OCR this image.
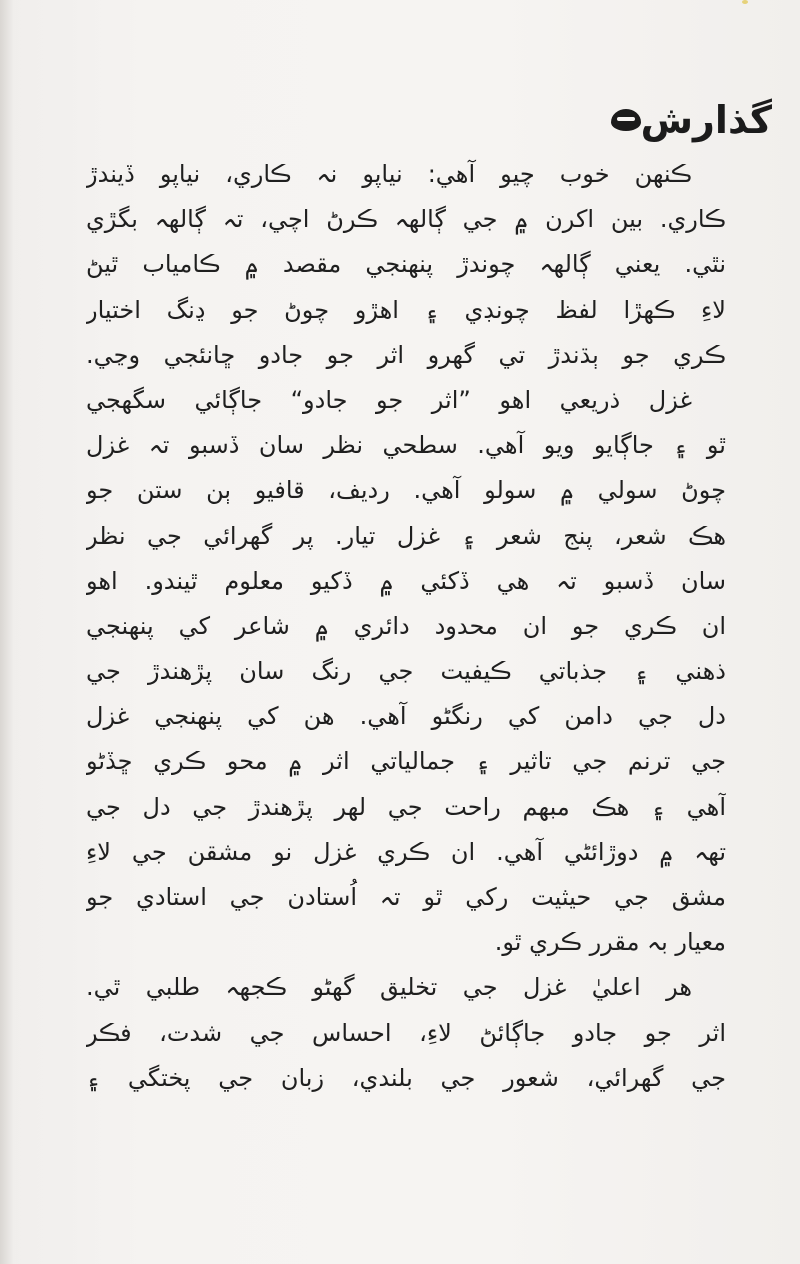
گذارش
ڪنهن خوب چيو آهي: نياپو نہ ڪاري، نياپو ڏيندڙ
ڪاري. بين اکرن ۾ جي ڳالهہ ڪرڻ اچي، تہ ڳالهہ بگڙي
نٿي. يعني ڳالهہ چوندڙ پنهنجي مقصد ۾ ڪامياب ٿيڻ
لاءِ ڪهڙا لفظ چونڊي ۽ اهڙو چوڻ جو ڍنگ اختيار
ڪري جو ٻڌندڙ تي گهرو اثر جو جادو ڇانئجي وڃي.
غزل ذريعي اهو ”اثر جو جادو“ جاڳائي سگهجي
ٿو ۽ جاڳايو ويو آهي. سطحي نظر سان ڏسبو تہ غزل
چوڻ سولي ۾ سولو آهي. رديف، قافيو ٻن ستن جو
هڪ شعر، پنج شعر ۽ غزل تيار. پر گهرائي جي نظر
سان ڏسبو تہ هي ڏکئي ۾ ڏکيو معلوم ٿيندو. اهو
ان ڪري جو ان محدود دائري ۾ شاعر کي پنهنجي
ذهني ۽ جذباتي ڪيفيت جي رنگ سان پڙهندڙ جي
دل جي دامن کي رنگڻو آهي. هن کي پنهنجي غزل
جي ترنم جي تاثير ۽ جمالياتي اثر ۾ محو ڪري ڇڏڻو
آهي ۽ هڪ مبهم راحت جي لهر پڙهندڙ جي دل جي
تهہ ۾ دوڙائڻي آهي. ان ڪري غزل نو مشقن جي لاءِ
مشق جي حيثيت رکي ٿو تہ اُستادن جي استادي جو
معيار بہ مقرر ڪري ٿو.
هر اعليٰ غزل جي تخليق گهڻو ڪجهہ طلبي ٿي.
اثر جو جادو جاڳائڻ لاءِ، احساس جي شدت، فڪر
جي گهرائي، شعور جي بلندي، زبان جي پختگي ۽
